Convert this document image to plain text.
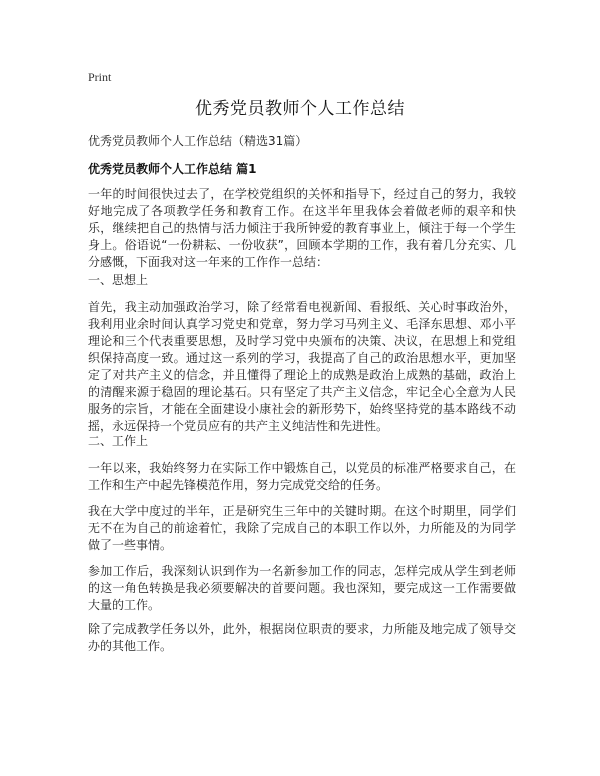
Print
优秀党员教师个人工作总结
优秀党员教师个人工作总结（精选31篇）
优秀党员教师个人工作总结 篇1

一年的时间很快过去了，在学校党组织的关怀和指导下，经过自己的努力，我较好地完成了各项教学任务和教育工作。在这半年里我体会着做老师的艰辛和快乐，继续把自己的热情与活力倾注于我所钟爱的教育事业上，倾注于每一个学生身上。俗语说“一份耕耘、一份收获”，回顾本学期的工作，我有着几分充实、几分感慨，下面我对这一年来的工作作一总结：

一、思想上

首先，我主动加强政治学习，除了经常看电视新闻、看报纸、关心时事政治外，我利用业余时间认真学习党史和党章，努力学习马列主义、毛泽东思想、邓小平理论和三个代表重要思想，及时学习党中央颁布的决策、决议，在思想上和党组织保持高度一致。通过这一系列的学习，我提高了自己的政治思想水平，更加坚定了对共产主义的信念，并且懂得了理论上的成熟是政治上成熟的基础，政治上的清醒来源于稳固的理论基石。只有坚定了共产主义信念，牢记全心全意为人民服务的宗旨，才能在全面建设小康社会的新形势下，始终坚持党的基本路线不动摇，永远保持一个党员应有的共产主义纯洁性和先进性。

二、工作上

一年以来，我始终努力在实际工作中锻炼自己，以党员的标准严格要求自己，在工作和生产中起先锋模范作用，努力完成党交给的任务。

我在大学中度过的半年，正是研究生三年中的关键时期。在这个时期里，同学们无不在为自己的前途着忙，我除了完成自己的本职工作以外，力所能及的为同学做了一些事情。

参加工作后，我深刻认识到作为一名新参加工作的同志，怎样完成从学生到老师的这一角色转换是我必须要解决的首要问题。我也深知，要完成这一工作需要做大量的工作。

除了完成教学任务以外，此外，根据岗位职责的要求，力所能及地完成了领导交办的其他工作。
